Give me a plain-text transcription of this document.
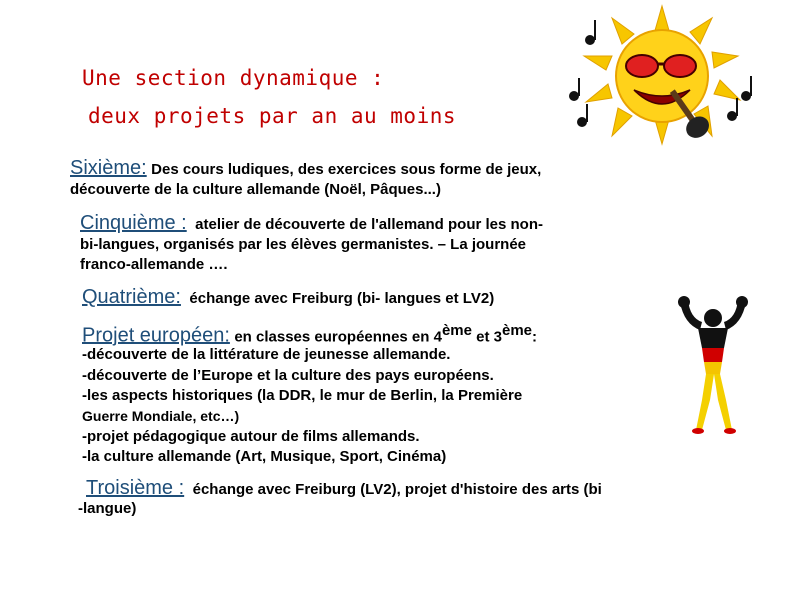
Une section dynamique :
deux projets par an au moins
Sixième: Des cours ludiques, des exercices sous forme de jeux,
découverte de la culture allemande (Noël, Pâques...)
Cinquième : atelier de découverte de l'allemand pour les non-
bi-langues, organisés par les élèves germanistes. – La journée
franco-allemande ….
Quatrième: échange avec Freiburg (bi- langues et LV2)
Projet européen: en classes européennes en 4ème et 3ème:
-découverte de la littérature de jeunesse allemande.
-découverte de l’Europe et la culture des pays européens.
-les aspects historiques (la DDR, le mur de Berlin, la Première
Guerre Mondiale, etc…)
-projet pédagogique autour de films allemands.
-la culture allemande (Art, Musique, Sport, Cinéma)
Troisième : échange avec Freiburg (LV2), projet d'histoire des arts (bi
-langue)
